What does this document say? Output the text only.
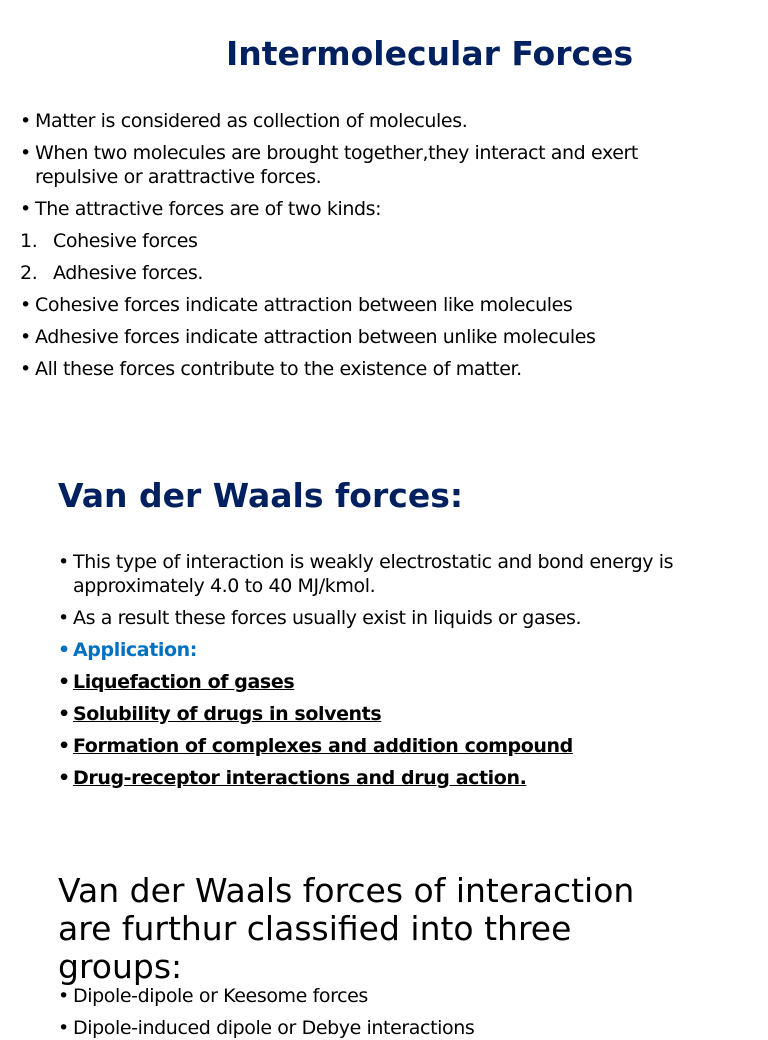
Intermolecular Forces
• Matter is considered as collection of molecules.
• When two molecules are brought together,they interact and exert repulsive or arattractive forces.
• The attractive forces are of two kinds:
1. Cohesive forces
2. Adhesive forces.
• Cohesive forces indicate attraction between like molecules
• Adhesive forces indicate attraction between unlike molecules
• All these forces contribute to the existence of matter.
Van der Waals forces:
• This type of interaction is weakly electrostatic and bond energy is approximately 4.0 to 40 MJ/kmol.
• As a result these forces usually exist in liquids or gases.
• Application:
• Liquefaction of gases
• Solubility of drugs in solvents
• Formation of complexes and addition compound
• Drug-receptor interactions and drug action.
Van der Waals forces of interaction are furthur classified into three groups:
• Dipole-dipole or Keesome forces
• Dipole-induced dipole or Debye interactions
